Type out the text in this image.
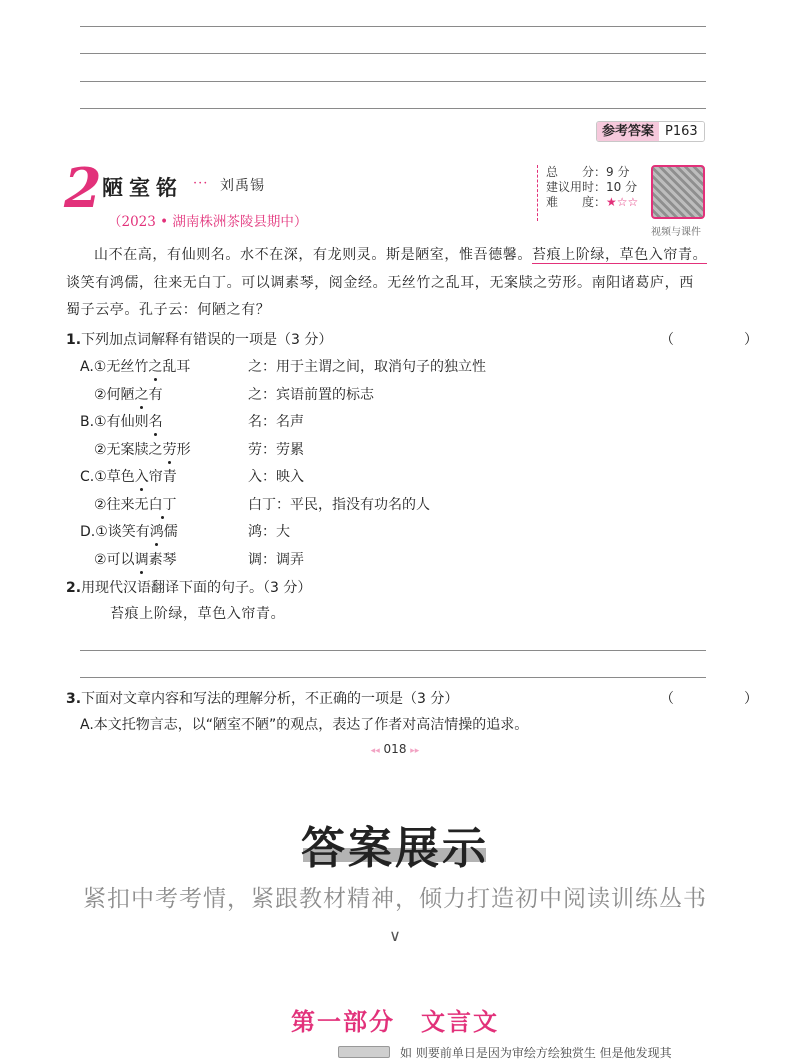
参考答案 P163
2 陋室铭 ··· 刘禹锡
（2023 • 湖南株洲茶陵县期中）
总　　分：9 分
建议用时：10 分
难　　度：★☆☆
视频与课件
山不在高，有仙则名。水不在深，有龙则灵。斯是陋室，惟吾德馨。苔痕上阶绿，草色入帘青。
谈笑有鸿儒，往来无白丁。可以调素琴，阅金经。无丝竹之乱耳，无案牍之劳形。南阳诸葛庐，西
蜀子云亭。孔子云：何陋之有？
1.下列加点词解释有错误的一项是（3 分）	（　）
A.①无丝竹之乱耳	之：用于主谓之间，取消句子的独立性
②何陋之有	之：宾语前置的标志
B.①有仙则名	名：名声
②无案牍之劳形	劳：劳累
C.①草色入帘青	入：映入
②往来无白丁	白丁：平民，指没有功名的人
D.①谈笑有鸿儒	鸿：大
②可以调素琴	调：调弄
2.用现代汉语翻译下面的句子。（3 分）
苔痕上阶绿，草色入帘青。
3.下面对文章内容和写法的理解分析，不正确的一项是（3 分）	（　）
A.本文托物言志，以“陋室不陋”的观点，表达了作者对高洁情操的追求。
◂◂ 018 ▸▸
答案展示
紧扣中考考情，紧跟教材精神，倾力打造初中阅读训练丛书
∨
第一部分　文言文
如 则要前单日是因为审绘方绘独赏生 但是他发现其
